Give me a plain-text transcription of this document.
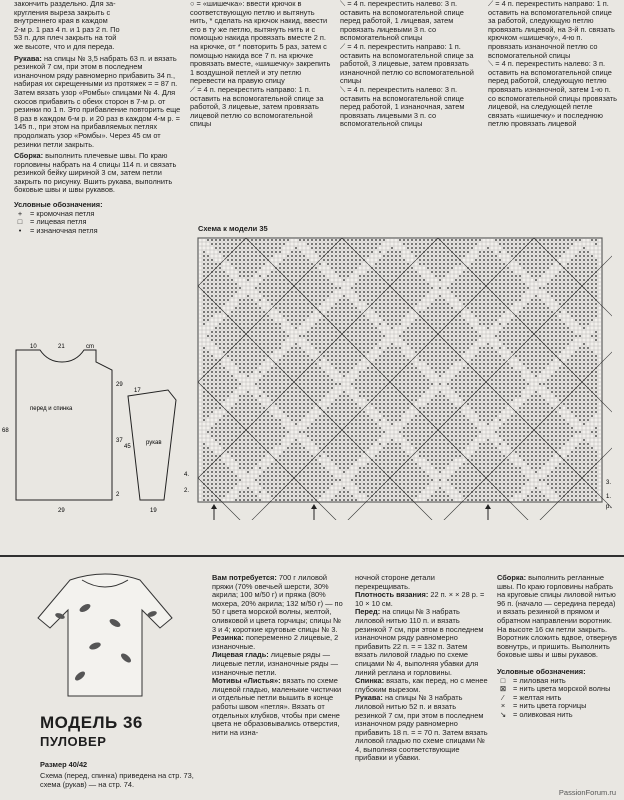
закончить раздельно. Для за-

кругления выреза закрыть с

внутреннего края в каждом

2-м р. 1 раз 4 п. и 1 раз 2 п. По

53 п. для плеч закрыть на той

же высоте, что и для переда.

Рукава: на спицы № 3,5 набрать 63 п. и вязать резинкой 7 см, при этом в последнем изнаночном ряду равномерно прибавить 34 п., набирая их скрещенными из протяжек = = 87 п. Затем вязать узор «Ромбы» спицами № 4. Для скосов прибавить с обеих сторон в 7-м р. от резинки по 1 п. Это прибавление повторить еще 8 раз в каждом 6-м р. и 20 раз в каждом 4-м р. = 145 п., при этом на прибавляемых петлях продолжать узор «Ромбы». Через 45 см от резинки петли закрыть.
Сборка: выполнить плечевые швы. По краю горловины набрать на 4 спицы 114 п. и связать резинкой бейку шириной 3 см, затем петли закрыть по рисунку. Вшить рукава, выполнить боковые швы и швы рукавов.
Условные обозначения:
+	= кромочная петля
□	= лицевая петля
•	= изнаночная петля

○ = «шишечка»: ввести крючок в соответствующую петлю и вытянуть нить, * сделать на крючок накид, ввести его в ту же петлю, вытянуть нить и с помощью накида провязать вместе 2 п. на крючке, от * повторить 5 раз, затем с помощью накида все 7 п. на крючке провязать вместе, «шишечку» закрепить 1 воздушной петлей и эту петлю перевести на правую спицу

⟋ = 4 п. перекрестить направо: 1 п. оставить на вспомогательной спице за работой, 3 лицевые, затем провязать лицевой петлю со вспомогательной спицы

⟍ = 4 п. перекрестить налево: 3 п. оставить на вспомогательной спице перед работой, 1 лицевая, затем провязать лицевыми 3 п. со вспомогательной спицы

⟋ = 4 п. перекрестить направо: 1 п. оставить на вспомогательной спице за работой, 3 лицевые, затем провязать изнаночной петлю со вспомогательной спицы

⟍ = 4 п. перекрестить налево: 3 п. оставить на вспомогательной спице перед работой, 1 изнаночная, затем провязать лицевыми 3 п. со вспомогательной спицы

⟋ = 4 п. перекрестить направо: 1 п. оставить на вспомогательной спице за работой, следующую петлю провязать лицевой, на 3-й п. связать крючком «шишечку», 4-ю п. провязать изнаночной петлю со вспомогательной спицы

⟍ = 4 п. перекрестить налево: 3 п. оставить на вспомогательной спице перед работой, следующую петлю провязать изнаночной, затем 1-ю п. со вспомогательной спицы провязать лицевой, на следующей петле связать «шишечку» и последнюю петлю провязать лицевой

Схема к модели 35
4.
2.
3.
1.
р.
10	21	cm
29
37
68
2
29
перед и спинка
17
45
рукав
19
МОДЕЛЬ 36
ПУЛОВЕР
Размер 40/42
Схема (перед, спинка) приведена на стр. 73, схема (рукав) — на стр. 74.

Вам потребуется: 700 г лиловой пряжи (70% овечьей шерсти, 30% акрила; 100 м/50 г) и пряжа (80% мохера, 20% акрила; 132 м/50 г) — по 50 г цвета морской волны, желтой, оливковой и цвета горчицы; спицы № 3 и 4; короткие круговые спицы № 3.

Резинка: попеременно 2 лицевые, 2 изнаночные.

Лицевая гладь: лицевые ряды — лицевые петли, изнаночные ряды — изнаночные петли.

Мотивы «Листья»: вязать по схеме лицевой гладью, маленькие чистички и отдельные петли вышить в конце работы швом «петля». Вязать от отдельных клубков, чтобы при смене цвета не образовывались отверстия, нити на изна-

ночной стороне детали перекрещивать.

Плотность вязания: 22 п. × × 28 р. = 10 × 10 см.

Перед: на спицы № 3 набрать лиловой нитью 110 п. и вязать резинкой 7 см, при этом в последнем изнаночном ряду равномерно прибавить 22 п. = = 132 п. Затем вязать лиловой гладью по схеме спицами № 4, выполняя убавки для линий реглана и горловины.

Спинка: вязать, как перед, но с менее глубоким вырезом.

Рукава: на спицы № 3 набрать лиловой нитью 52 п. и вязать резинкой 7 см, при этом в последнем изнаночном ряду равномерно прибавить 18 п. = = 70 п. Затем вязать лиловой гладью по схеме спицами № 4, выполняя соответствующие прибавки и убавки.

Сборка: выполнить регланные швы. По краю горловины набрать на круговые спицы лиловой нитью 96 п. (начало — середина переда) и вязать резинкой в прямом и обратном направлении воротник. На высоте 16 см петли закрыть. Воротник сложить вдвое, отвернув вовнутрь, и пришить. Выполнить боковые швы и швы рукавов.

Условные обозначения:
□	= лиловая нить
⊠ = нить цвета морской волны
⁄	= желтая нить
×	= нить цвета горчицы
↘ = оливковая нить
PassionForum.ru
